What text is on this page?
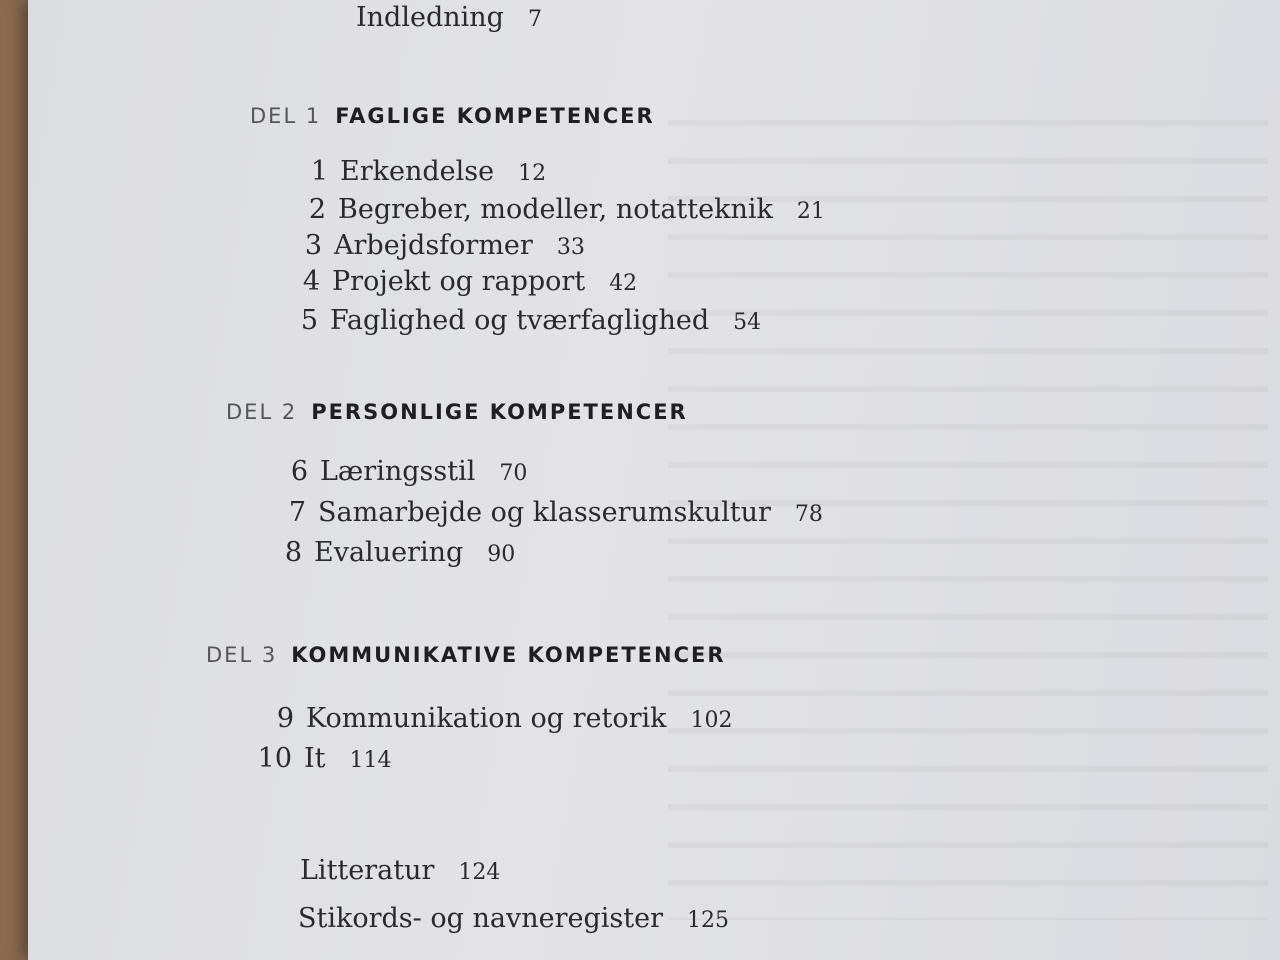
Indledning 7
DEL 1 FAGLIGE KOMPETENCER
1 Erkendelse 12
2 Begreber, modeller, notatteknik 21
3 Arbejdsformer 33
4 Projekt og rapport 42
5 Faglighed og tværfaglighed 54
DEL 2 PERSONLIGE KOMPETENCER
6 Læringsstil 70
7 Samarbejde og klasserumskultur 78
8 Evaluering 90
DEL 3 KOMMUNIKATIVE KOMPETENCER
9 Kommunikation og retorik 102
10 It 114
Litteratur 124
Stikords- og navneregister 125
